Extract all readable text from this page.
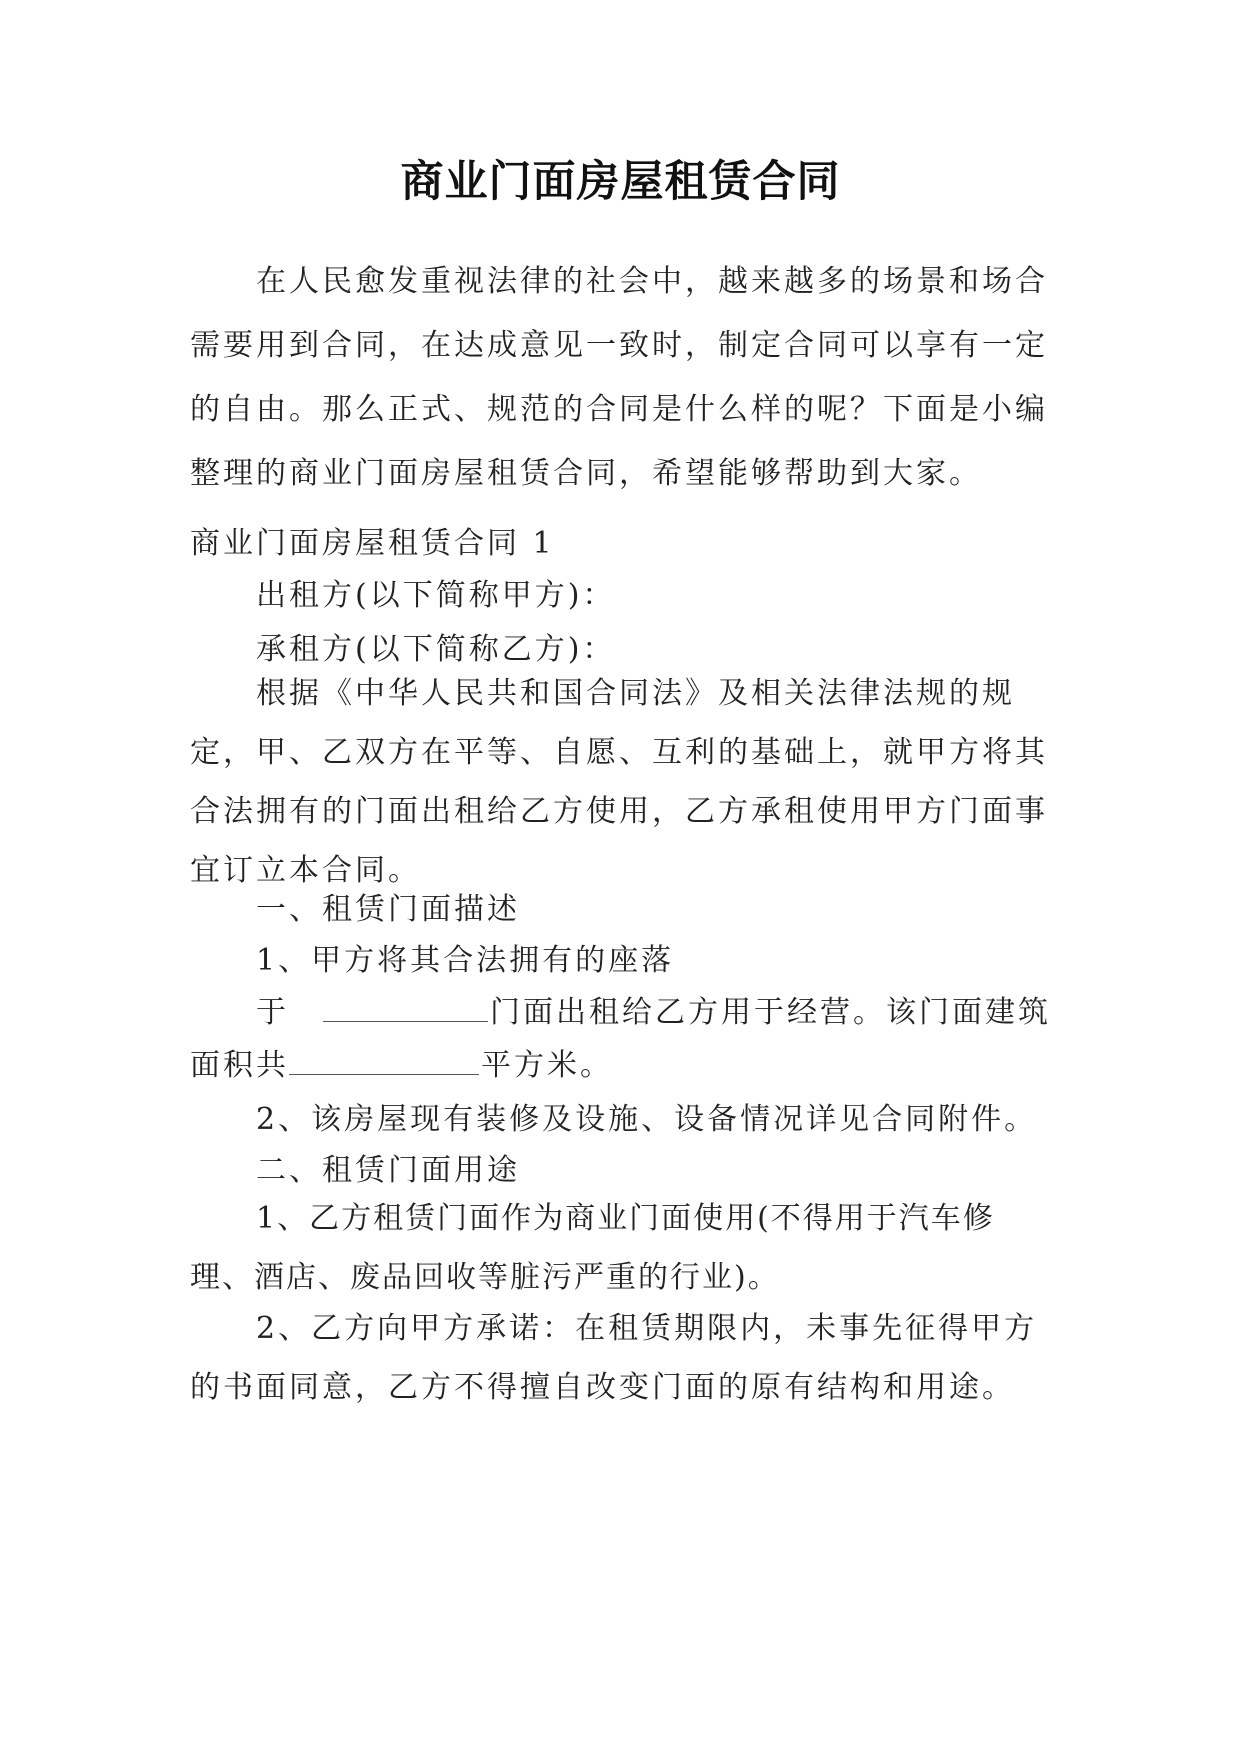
商业门面房屋租赁合同
在人民愈发重视法律的社会中，越来越多的场景和场合需要用到合同，在达成意见一致时，制定合同可以享有一定的自由。那么正式、规范的合同是什么样的呢？下面是小编整理的商业门面房屋租赁合同，希望能够帮助到大家。
商业门面房屋租赁合同 1
出租方(以下简称甲方)：
承租方(以下简称乙方)：
根据《中华人民共和国合同法》及相关法律法规的规定，甲、乙双方在平等、自愿、互利的基础上，就甲方将其合法拥有的门面出租给乙方使用，乙方承租使用甲方门面事宜订立本合同。
一、租赁门面描述
1、甲方将其合法拥有的座落
于	门面出租给乙方用于经营。该门面建筑
面积共	平方米。
2、该房屋现有装修及设施、设备情况详见合同附件。
二、租赁门面用途
1、乙方租赁门面作为商业门面使用(不得用于汽车修理、酒店、废品回收等脏污严重的行业)。
2、乙方向甲方承诺：在租赁期限内，未事先征得甲方的书面同意，乙方不得擅自改变门面的原有结构和用途。
